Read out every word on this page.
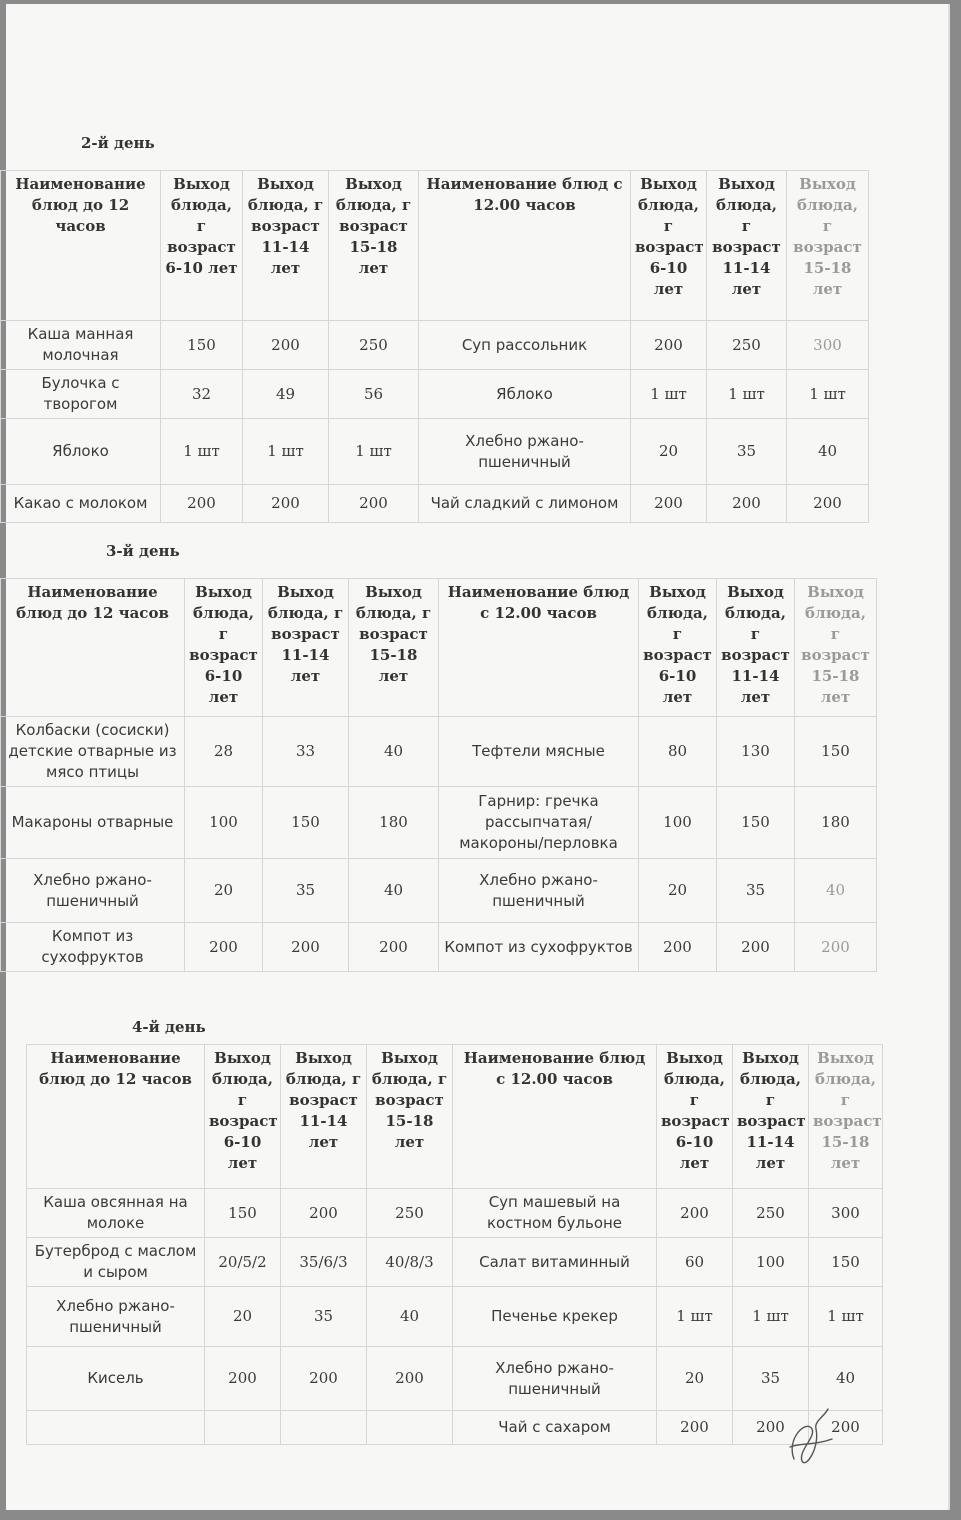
2-й день
Наименование блюд до 12 часов	Выход блюда, г возраст 6-10 лет	Выход блюда, г возраст 11-14 лет	Выход блюда, г возраст 15-18 лет	Наименование блюд с 12.00 часов	Выход блюда, г возраст 6-10 лет	Выход блюда, г возраст 11-14 лет	Выход блюда, г возраст 15-18 лет
Каша манная молочная	150	200	250	Суп рассольник	200	250	300
Булочка с творогом	32	49	56	Яблоко	1 шт	1 шт	1 шт
Яблоко	1 шт	1 шт	1 шт	Хлебно ржано-пшеничный	20	35	40
Какао с молоком	200	200	200	Чай сладкий с лимоном	200	200	200
3-й день
Наименование блюд до 12 часов	Выход блюда, г возраст 6-10 лет	Выход блюда, г возраст 11-14 лет	Выход блюда, г возраст 15-18 лет	Наименование блюд с 12.00 часов	Выход блюда, г возраст 6-10 лет	Выход блюда, г возраст 11-14 лет	Выход блюда, г возраст 15-18 лет
Колбаски (сосиски) детские отварные из мясо птицы	28	33	40	Тефтели мясные	80	130	150
Макароны отварные	100	150	180	Гарнир: гречка рассыпчатая/ макороны/перловка	100	150	180
Хлебно ржано-пшеничный	20	35	40	Хлебно ржано-пшеничный	20	35	40
Компот из сухофруктов	200	200	200	Компот из сухофруктов	200	200	200
4-й день
Наименование блюд до 12 часов	Выход блюда, г возраст 6-10 лет	Выход блюда, г возраст 11-14 лет	Выход блюда, г возраст 15-18 лет	Наименование блюд с 12.00 часов	Выход блюда, г возраст 6-10 лет	Выход блюда, г возраст 11-14 лет	Выход блюда, г возраст 15-18 лет
Каша овсянная на молоке	150	200	250	Суп машевый на костном бульоне	200	250	300
Бутерброд с маслом и сыром	20/5/2	35/6/3	40/8/3	Салат витаминный	60	100	150
Хлебно ржано-пшеничный	20	35	40	Печенье крекер	1 шт	1 шт	1 шт
Кисель	200	200	200	Хлебно ржано-пшеничный	20	35	40
				Чай с сахаром	200	200	200
